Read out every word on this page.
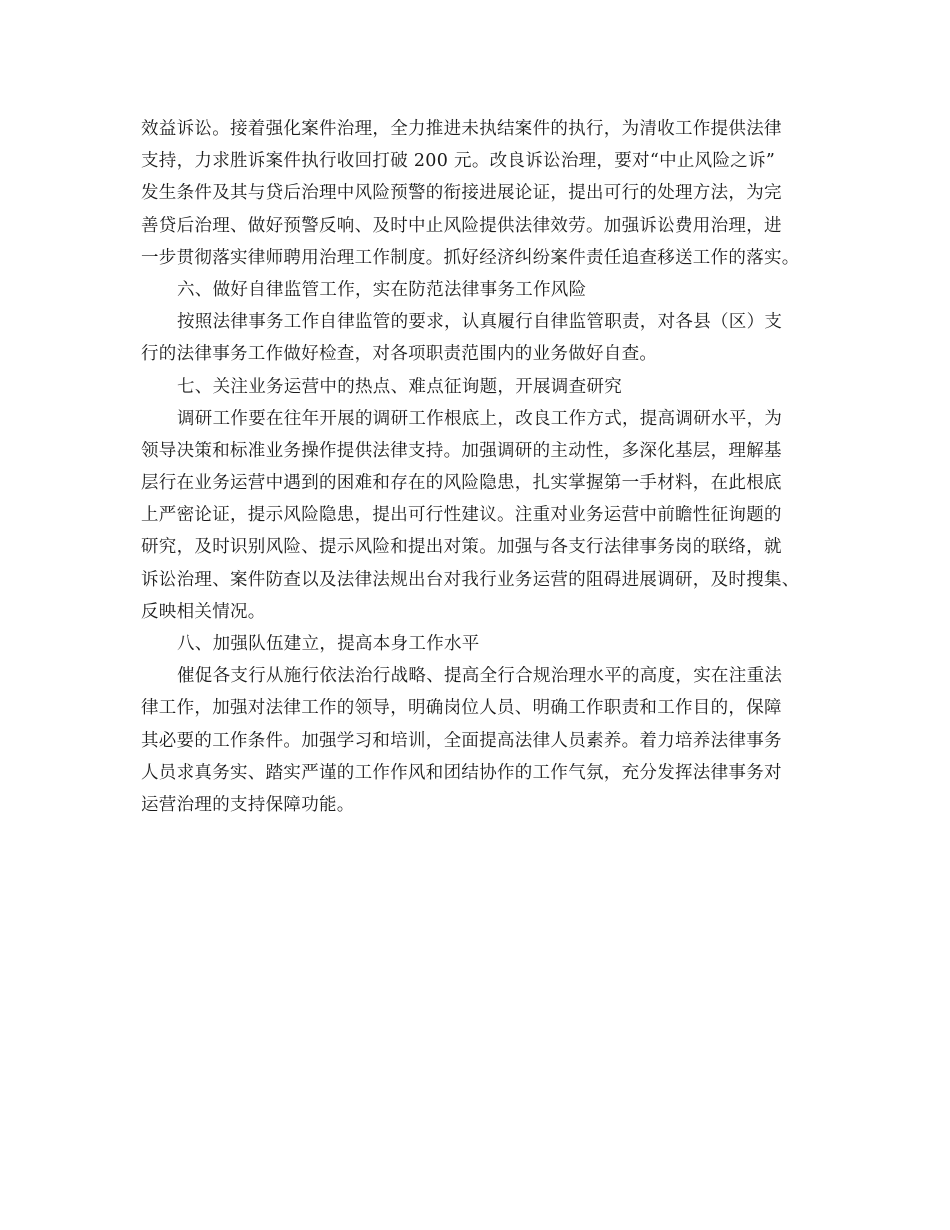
效益诉讼。接着强化案件治理，全力推进未执结案件的执行，为清收工作提供法律
支持，力求胜诉案件执行收回打破 200 元。改良诉讼治理，要对“中止风险之诉”
发生条件及其与贷后治理中风险预警的衔接进展论证，提出可行的处理方法，为完
善贷后治理、做好预警反响、及时中止风险提供法律效劳。加强诉讼费用治理，进
一步贯彻落实律师聘用治理工作制度。抓好经济纠纷案件责任追查移送工作的落实。
六、做好自律监管工作，实在防范法律事务工作风险
按照法律事务工作自律监管的要求，认真履行自律监管职责，对各县（区）支
行的法律事务工作做好检查，对各项职责范围内的业务做好自查。
七、关注业务运营中的热点、难点征询题，开展调查研究
调研工作要在往年开展的调研工作根底上，改良工作方式，提高调研水平，为
领导决策和标准业务操作提供法律支持。加强调研的主动性，多深化基层，理解基
层行在业务运营中遇到的困难和存在的风险隐患，扎实掌握第一手材料，在此根底
上严密论证，提示风险隐患，提出可行性建议。注重对业务运营中前瞻性征询题的
研究，及时识别风险、提示风险和提出对策。加强与各支行法律事务岗的联络，就
诉讼治理、案件防查以及法律法规出台对我行业务运营的阻碍进展调研，及时搜集、
反映相关情况。
八、加强队伍建立，提高本身工作水平
催促各支行从施行依法治行战略、提高全行合规治理水平的高度，实在注重法
律工作，加强对法律工作的领导，明确岗位人员、明确工作职责和工作目的，保障
其必要的工作条件。加强学习和培训，全面提高法律人员素养。着力培养法律事务
人员求真务实、踏实严谨的工作作风和团结协作的工作气氛，充分发挥法律事务对
运营治理的支持保障功能。
